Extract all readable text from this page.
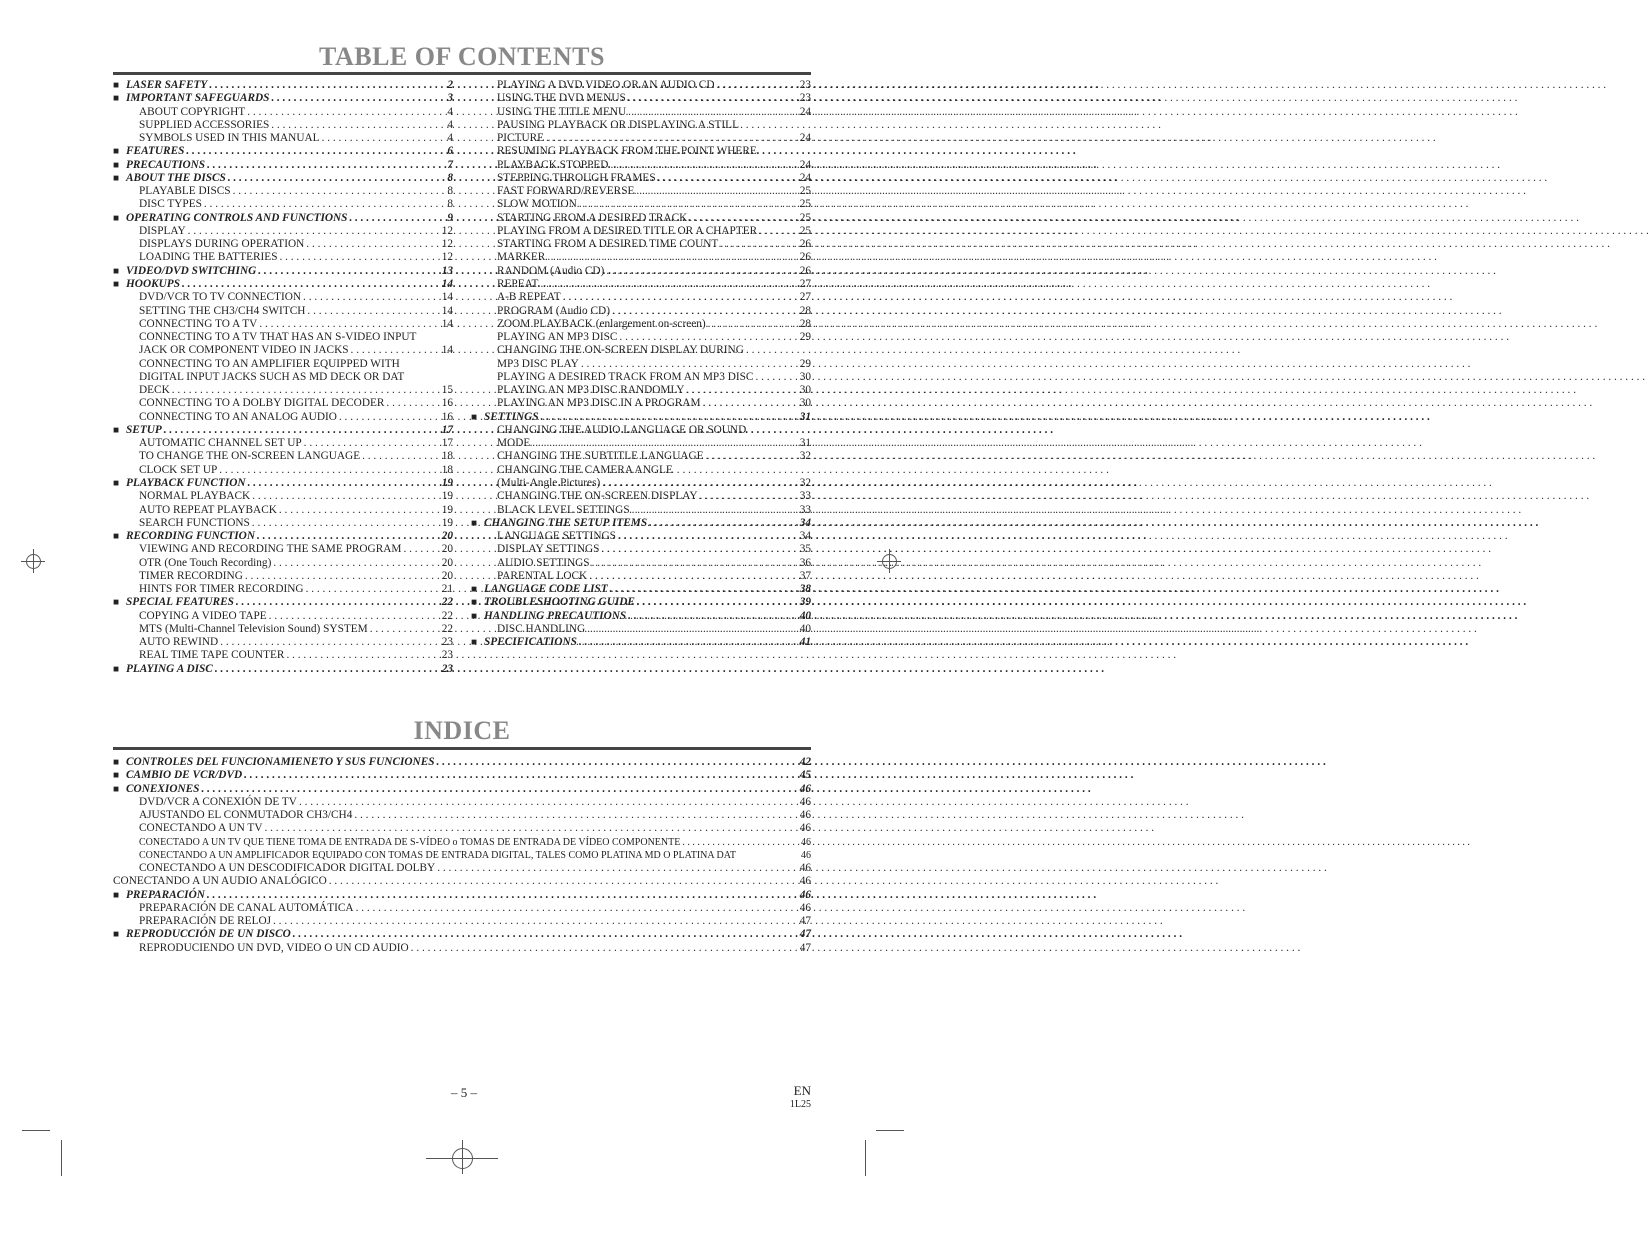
TABLE OF CONTENTS
■ LASER SAFETY . . .	2
■ IMPORTANT SAFEGUARDS . . .	3
ABOUT COPYRIGHT . . .	4
SUPPLIED ACCESSORIES . . .	4
SYMBOLS USED IN THIS MANUAL . . .	4
■ FEATURES . . .	6
■ PRECAUTIONS . . .	7
■ ABOUT THE DISCS . . .	8
PLAYABLE DISCS . . .	8
DISC TYPES . . .	8
■ OPERATING CONTROLS AND FUNCTIONS . . .	9
DISPLAY . . .	12
DISPLAYS DURING OPERATION . . .	12
LOADING THE BATTERIES . . .	12
■ VIDEO/DVD SWITCHING . . .	13
■ HOOKUPS . . .	14
DVD/VCR TO TV CONNECTION . . .	14
SETTING THE CH3/CH4 SWITCH . . .	14
CONNECTING TO A TV . . .	14
CONNECTING TO A TV THAT HAS AN S-VIDEO INPUT
JACK OR COMPONENT VIDEO IN JACKS . . .	14
CONNECTING TO AN AMPLIFIER EQUIPPED WITH
DIGITAL INPUT JACKS SUCH AS MD DECK OR DAT
DECK . . .	15
CONNECTING TO A DOLBY DIGITAL DECODER . . .	16
CONNECTING TO AN ANALOG AUDIO . . .	16
■ SETUP . . .	17
AUTOMATIC CHANNEL SET UP . . .	17
TO CHANGE THE ON-SCREEN LANGUAGE . . .	18
CLOCK SET UP . . .	18
■ PLAYBACK FUNCTION . . .	19
NORMAL PLAYBACK . . .	19
AUTO REPEAT PLAYBACK . . .	19
SEARCH FUNCTIONS . . .	19
■ RECORDING FUNCTION . . .	20
VIEWING AND RECORDING THE SAME PROGRAM . . .	20
OTR (One Touch Recording) . . .	20
TIMER RECORDING . . .	20
HINTS FOR TIMER RECORDING . . .	21
■ SPECIAL FEATURES . . .	22
COPYING A VIDEO TAPE . . .	22
MTS (Multi-Channel Television Sound) SYSTEM . . .	22
AUTO REWIND . . .	23
REAL TIME TAPE COUNTER . . .	23
■ PLAYING A DISC . . .	23
PLAYING A DVD VIDEO OR AN AUDIO CD . . .	23
USING THE DVD MENUS . . .	23
USING THE TITLE MENU . . .	24
PAUSING PLAYBACK OR DISPLAYING A STILL
PICTURE . . .	24
RESUMING PLAYBACK FROM THE POINT WHERE
PLAYBACK STOPPED . . .	24
STEPPING THROUGH FRAMES . . .	24
FAST FORWARD/REVERSE . . .	25
SLOW MOTION . . .	25
STARTING FROM A DESIRED TRACK . . .	25
PLAYING FROM A DESIRED TITLE OR A CHAPTER . . .	25
STARTING FROM A DESIRED TIME COUNT . . .	26
MARKER . . .	26
RANDOM (Audio CD) . . .	26
REPEAT . . .	27
A-B REPEAT . . .	27
PROGRAM (Audio CD) . . .	28
ZOOM PLAYBACK (enlargement on-screen) . . .	28
PLAYING AN MP3 DISC . . .	29
CHANGING THE ON-SCREEN DISPLAY DURING
MP3 DISC PLAY . . .	29
PLAYING A DESIRED TRACK FROM AN MP3 DISC . . .	30
PLAYING AN MP3 DISC RANDOMLY . . .	30
PLAYING AN MP3 DISC IN A PROGRAM . . .	30
■ SETTINGS . . .	31
CHANGING THE AUDIO LANGUAGE OR SOUND
MODE . . .	31
CHANGING THE SUBTITLE LANGUAGE . . .	32
CHANGING THE CAMERA ANGLE
(Multi-Angle Pictures) . . .	32
CHANGING THE ON-SCREEN DISPLAY . . .	33
BLACK LEVEL SETTINGS . . .	33
■ CHANGING THE SETUP ITEMS . . .	34
LANGUAGE SETTINGS . . .	34
DISPLAY SETTINGS . . .	35
AUDIO SETTINGS . . .	36
PARENTAL LOCK . . .	37
■ LANGUAGE CODE LIST . . .	38
■ TROUBLESHOOTING GUIDE . . .	39
■ HANDLING PRECAUTIONS . . .	40
DISC HANDLING . . .	40
■ SPECIFICATIONS . . .	41
INDICE
■ CONTROLES DEL FUNCIONAMIENETO Y SUS FUNCIONES . . .	42
■ CAMBIO DE VCR/DVD . . .	45
■ CONEXIONES . . .	46
DVD/VCR A CONEXIÓN DE TV . . .	46
AJUSTANDO EL CONMUTADOR CH3/CH4 . . .	46
CONECTANDO A UN TV . . .	46
CONECTADO A UN TV QUE TIENE TOMA DE ENTRADA DE S-VÍDEO o TOMAS DE ENTRADA DE VÍDEO COMPONENTE . . .	46
CONECTANDO A UN AMPLIFICADOR EQUIPADO CON TOMAS DE ENTRADA DIGITAL, TALES COMO PLATINA MD O PLATINA DAT	46
CONECTANDO A UN DESCODIFICADOR DIGITAL DOLBY . . .	46
CONECTANDO A UN AUDIO ANALÓGICO . . .	46
■ PREPARACIÓN . . .	46
PREPARACIÓN DE CANAL AUTOMÁTICA . . .	46
PREPARACIÓN DE RELOJ . . .	47
■ REPRODUCCIÓN DE UN DISCO . . .	47
REPRODUCIENDO UN DVD, VIDEO O UN CD AUDIO . . .	47
– 5 –	EN
1L25
